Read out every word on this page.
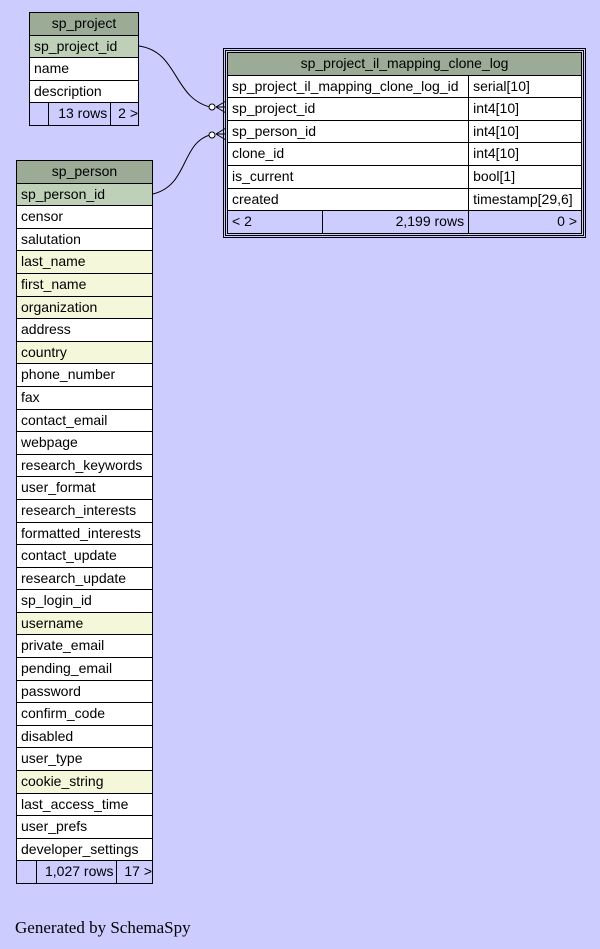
sp_project
sp_project_id
name
description
	13 rows 2 >
sp_project_il_mapping_clone_log		
sp_project_il_mapping_clone_log_id		serial[10]
sp_project_id		int4[10]
sp_person_id		int4[10]
clone_id		int4[10]
is_current		bool[1]
created		timestamp[29,6]
< 2	2,199 rows	0 >
sp_person
sp_person_id
censor
salutation
last_name
first_name
organization
address
country
phone_number
fax
contact_email
webpage
research_keywords
user_format
research_interests
formatted_interests
contact_update
research_update
sp_login_id
username
private_email
pending_email
password
confirm_code
disabled
user_type
cookie_string
last_access_time
user_prefs
developer_settings
	1,027 rows 17 >
Generated by SchemaSpy
